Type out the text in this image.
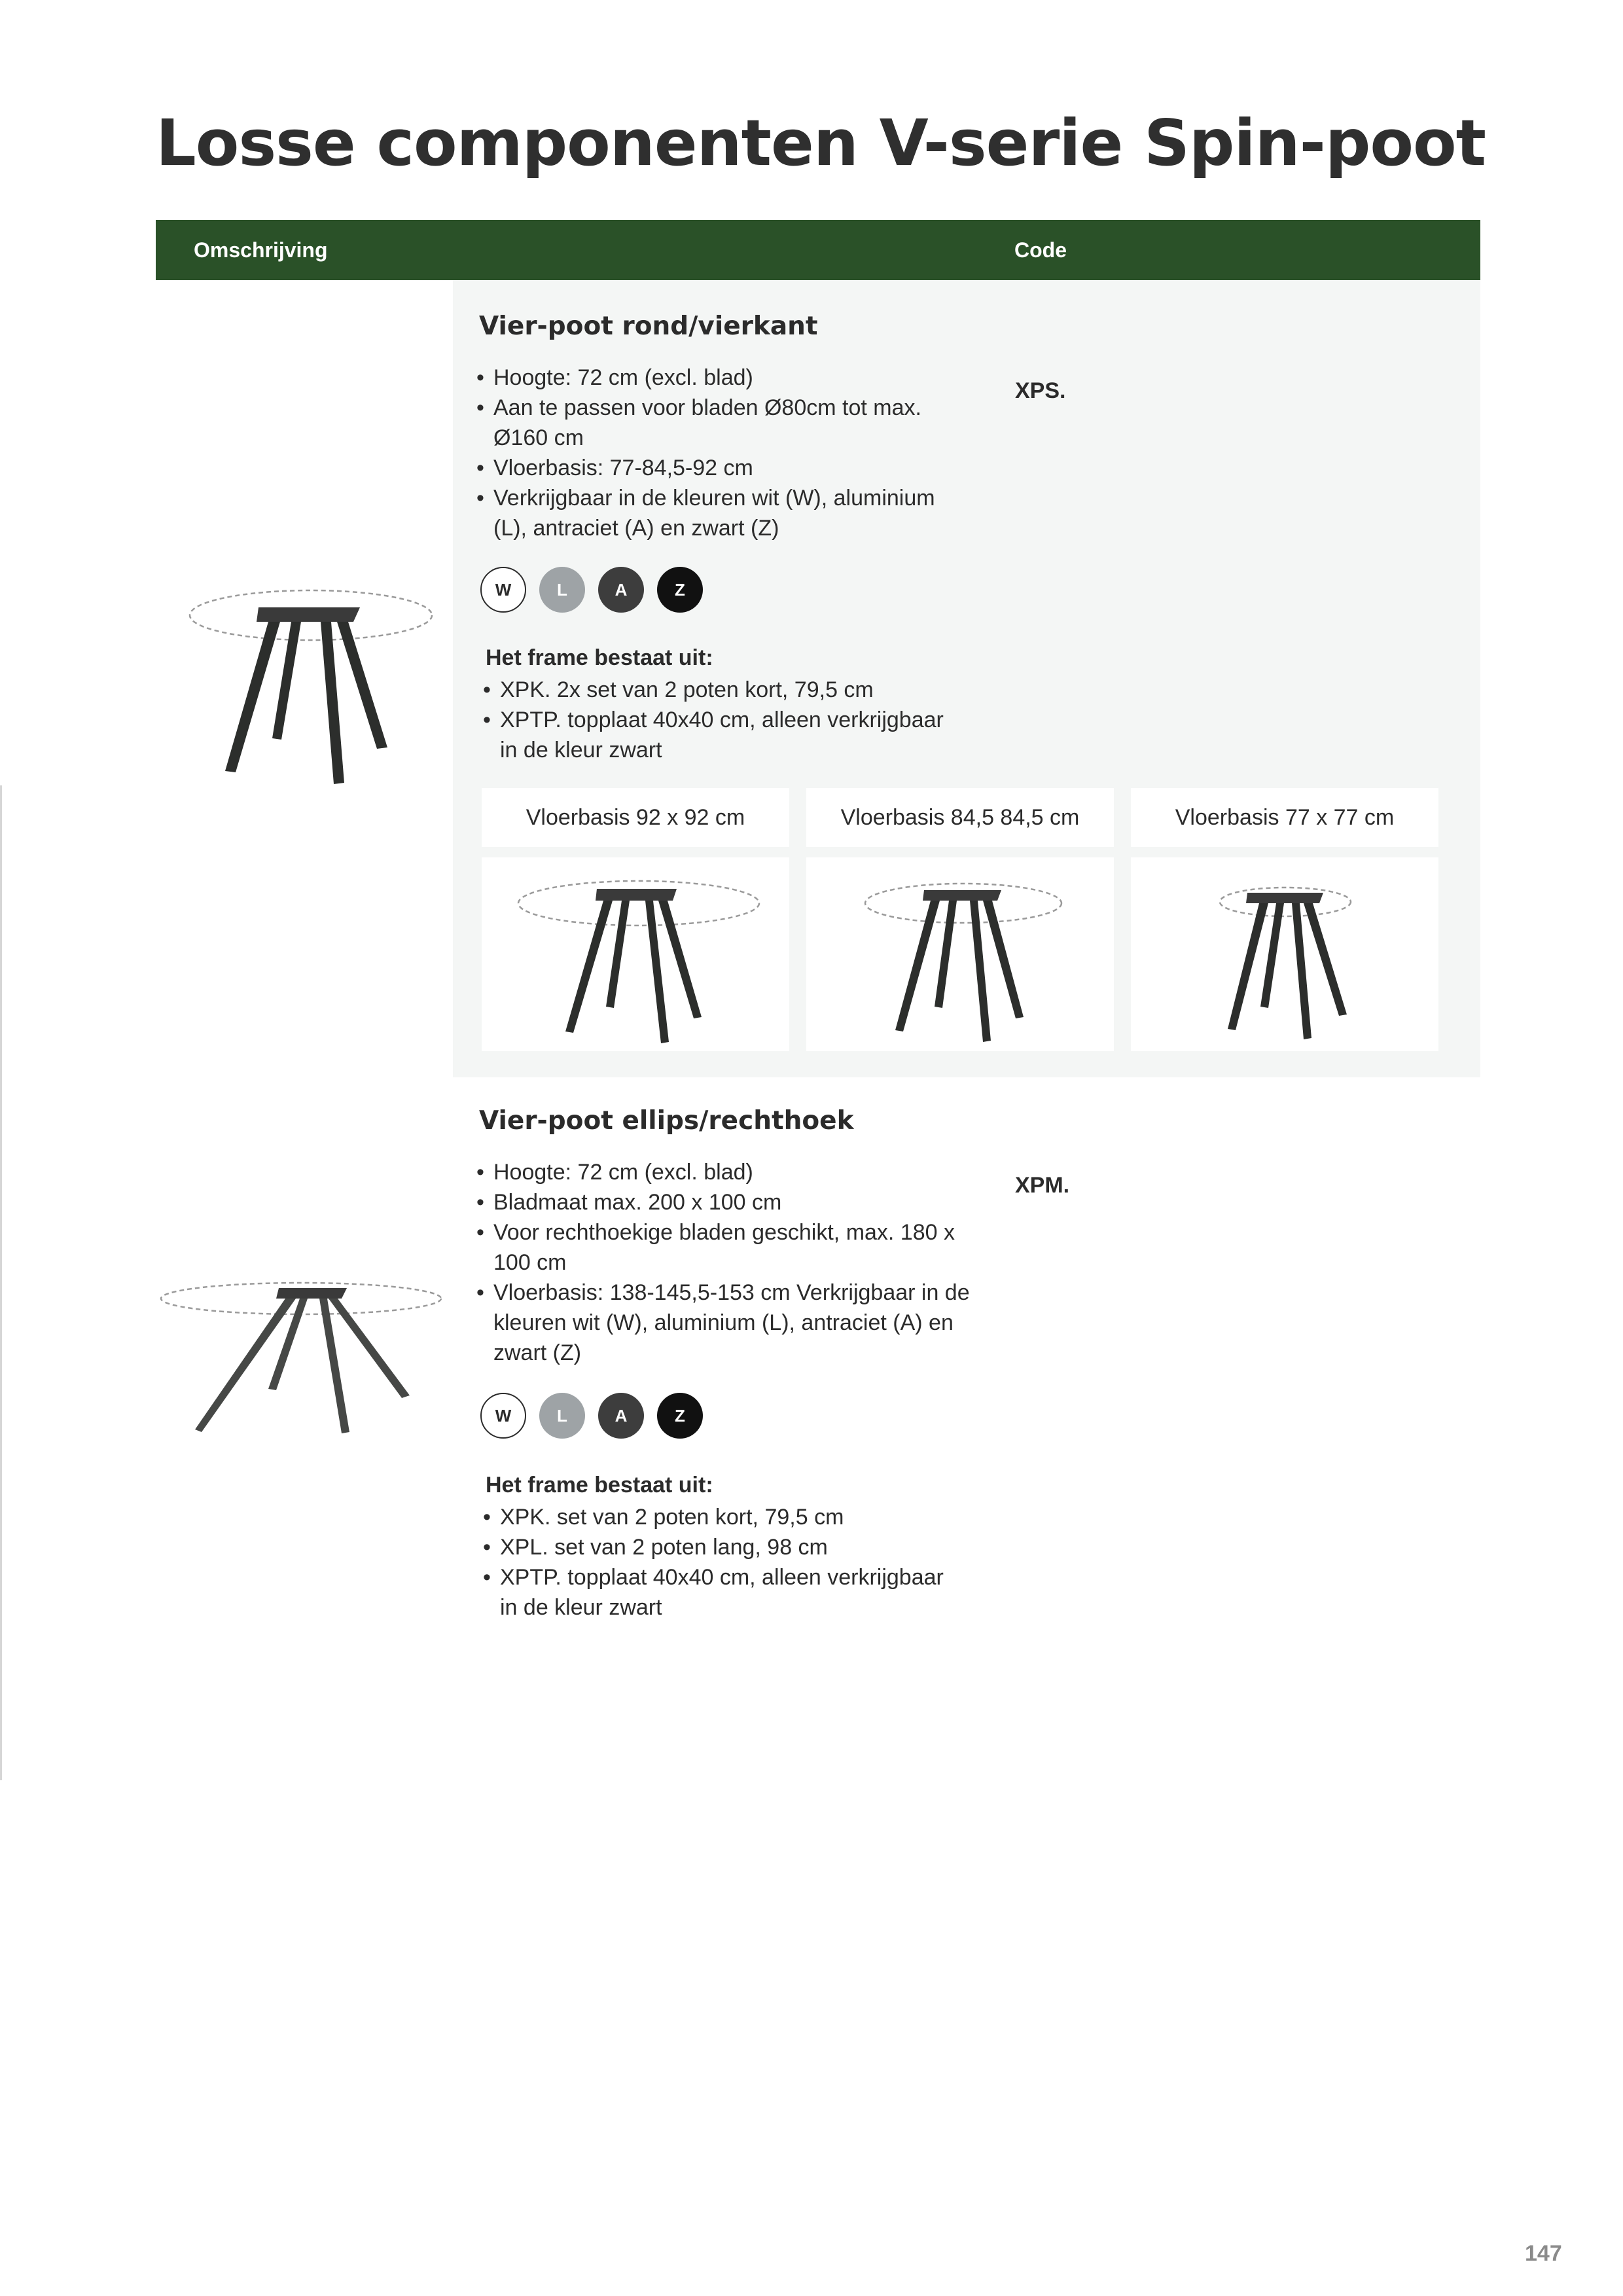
Losse componenten V-serie Spin-poot
Omschrijving	Code
Vier-poot rond/vierkant
XPS.
• Hoogte: 72 cm (excl. blad)
• Aan te passen voor bladen Ø80cm tot max. Ø160 cm
• Vloerbasis: 77-84,5-92 cm
• Verkrijgbaar in de kleuren wit (W), aluminium (L), antraciet (A) en zwart (Z)
W	L	A	Z
Het frame bestaat uit:
• XPK. 2x set van 2 poten kort, 79,5 cm
• XPTP. topplaat 40x40 cm, alleen verkrijgbaar in de kleur zwart
Vloerbasis 92 x 92 cm	Vloerbasis 84,5 84,5 cm	Vloerbasis 77 x 77 cm
Vier-poot ellips/rechthoek
XPM.
• Hoogte: 72 cm (excl. blad)
• Bladmaat max. 200 x 100 cm
• Voor rechthoekige bladen geschikt, max. 180 x 100 cm
• Vloerbasis: 138-145,5-153 cm Verkrijgbaar in de kleuren wit (W), aluminium (L), antraciet (A) en zwart (Z)
W	L	A	Z
Het frame bestaat uit:
• XPK. set van 2 poten kort, 79,5 cm
• XPL. set van 2 poten lang, 98 cm
• XPTP. topplaat 40x40 cm, alleen verkrijgbaar in de kleur zwart
147
